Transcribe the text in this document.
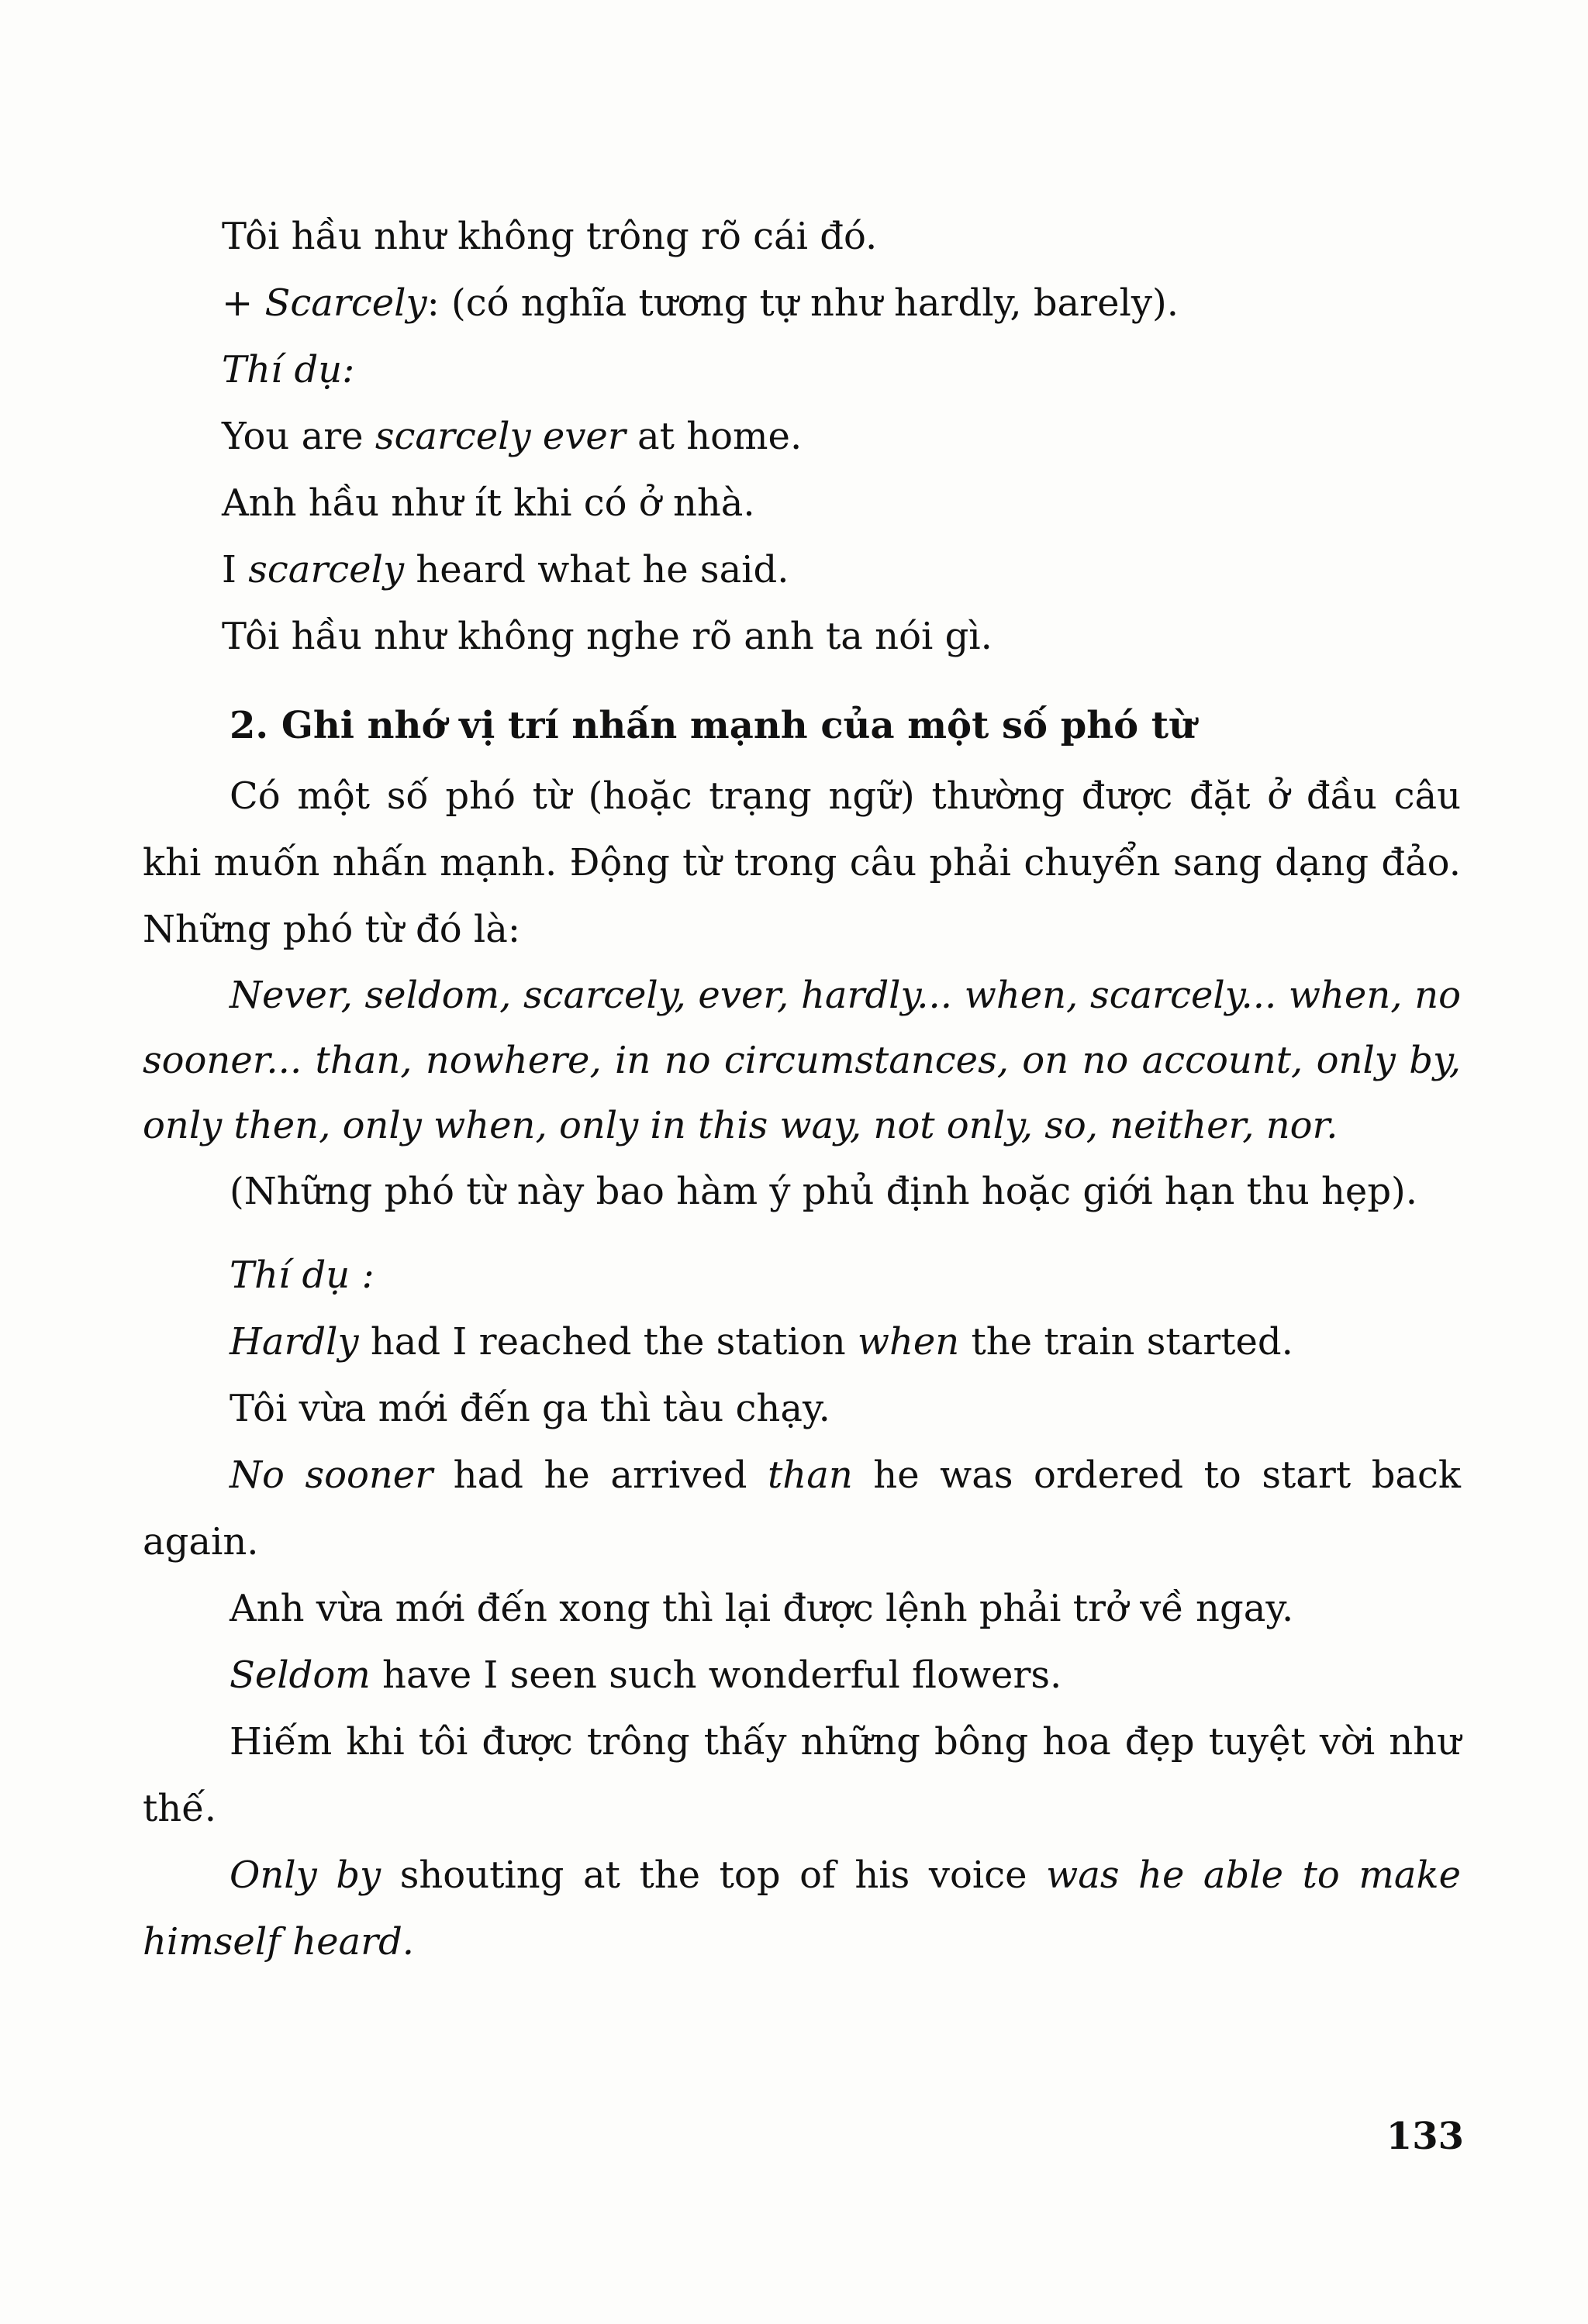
Tôi hầu như không trông rõ cái đó.

+ Scarcely: (có nghĩa tương tự như hardly, barely).

Thí dụ:

You are scarcely ever at home.

Anh hầu như ít khi có ở nhà.

I scarcely heard what he said.

Tôi hầu như không nghe rõ anh ta nói gì.

2. Ghi nhớ vị trí nhấn mạnh của một số phó từ

Có một số phó từ (hoặc trạng ngữ) thường được đặt ở đầu câu khi muốn nhấn mạnh. Động từ trong câu phải chuyển sang dạng đảo. Những phó từ đó là:

Never, seldom, scarcely, ever, hardly... when, scarcely... when, no sooner... than, nowhere, in no circumstances, on no account, only by, only then, only when, only in this way, not only, so, neither, nor.

(Những phó từ này bao hàm ý phủ định hoặc giới hạn thu hẹp).

Thí dụ :

Hardly had I reached the station when the train started.

Tôi vừa mới đến ga thì tàu chạy.

No sooner had he arrived than he was ordered to start back again.

Anh vừa mới đến xong thì lại được lệnh phải trở về ngay.

Seldom have I seen such wonderful flowers.

Hiếm khi tôi được trông thấy những bông hoa đẹp tuyệt vời như thế.

Only by shouting at the top of his voice was he able to make himself heard.

133
